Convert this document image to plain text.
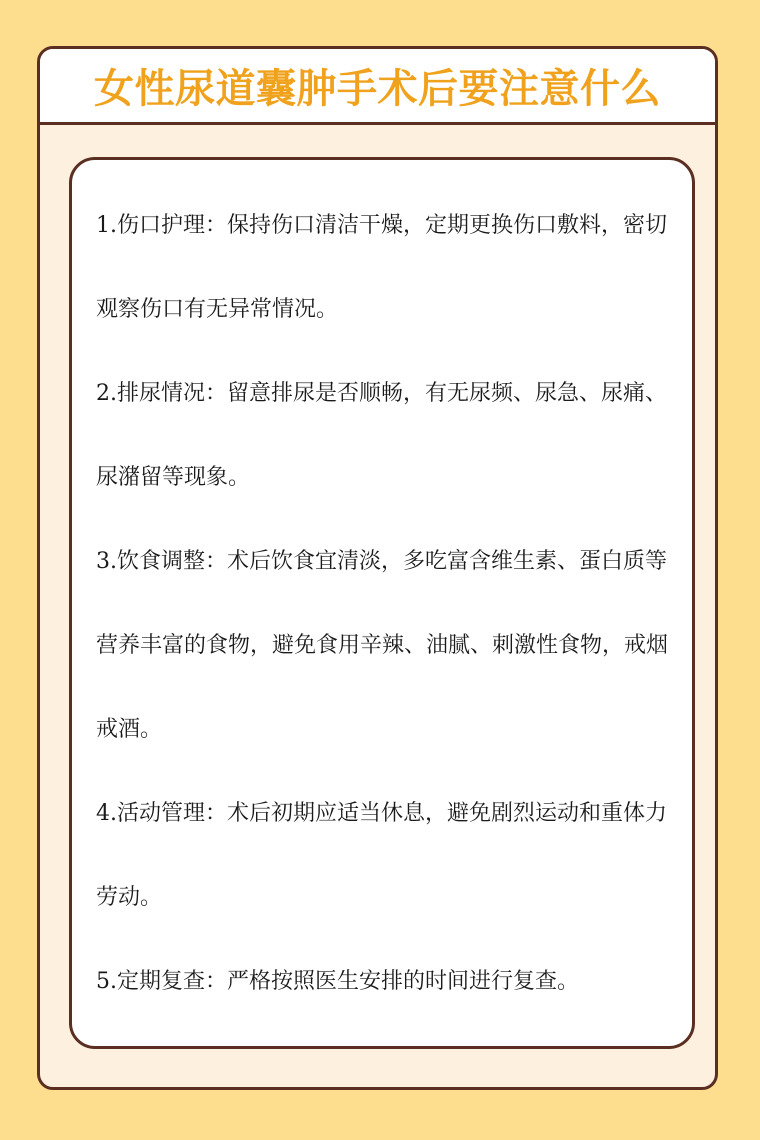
女性尿道囊肿手术后要注意什么

1.伤口护理：保持伤口清洁干燥，定期更换伤口敷料，密切观察伤口有无异常情况。

2.排尿情况：留意排尿是否顺畅，有无尿频、尿急、尿痛、尿潴留等现象。

3.饮食调整：术后饮食宜清淡，多吃富含维生素、蛋白质等营养丰富的食物，避免食用辛辣、油腻、刺激性食物，戒烟戒酒。

4.活动管理：术后初期应适当休息，避免剧烈运动和重体力劳动。

5.定期复查：严格按照医生安排的时间进行复查。
